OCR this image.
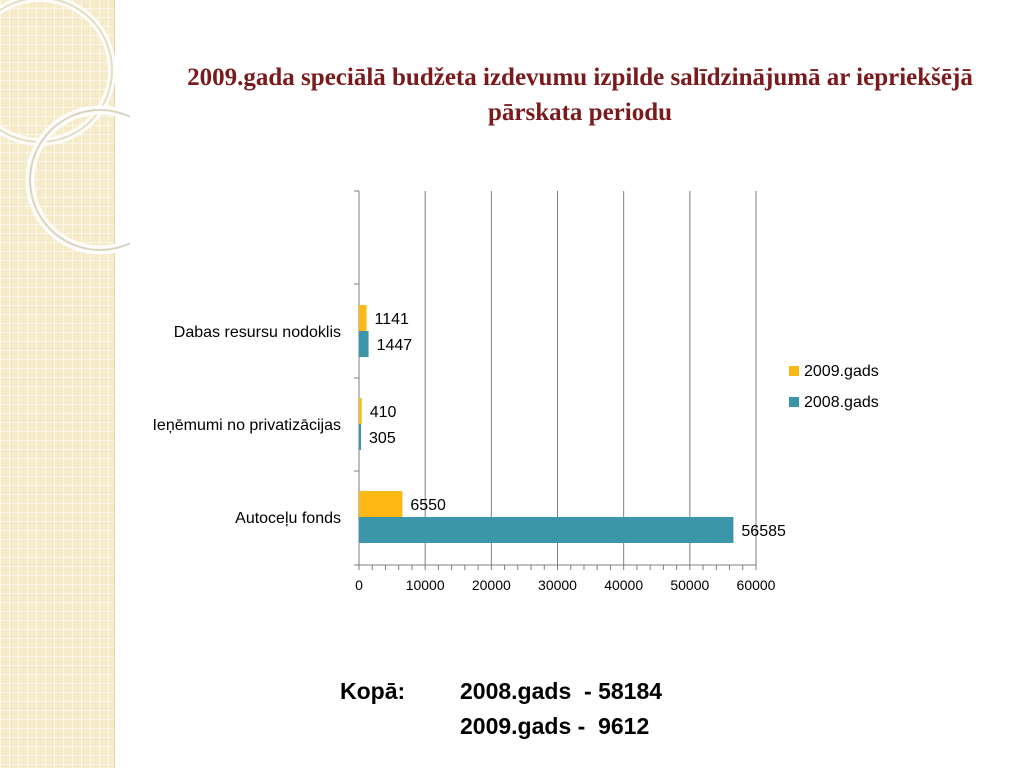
2009.gada speciālā budžeta izdevumu izpilde salīdzinājumā ar iepriekšējā pārskata periodu
0	10000 20000 30000 40000 50000 60000
Dabas resursu nodoklis
Ieņēmumi no privatizācijas
Autoceļu fonds
1141
410
6550
1447
305
56585
2009.gads
2008.gads
Kopā:	2008.gads  - 58184
2009.gads -  9612
